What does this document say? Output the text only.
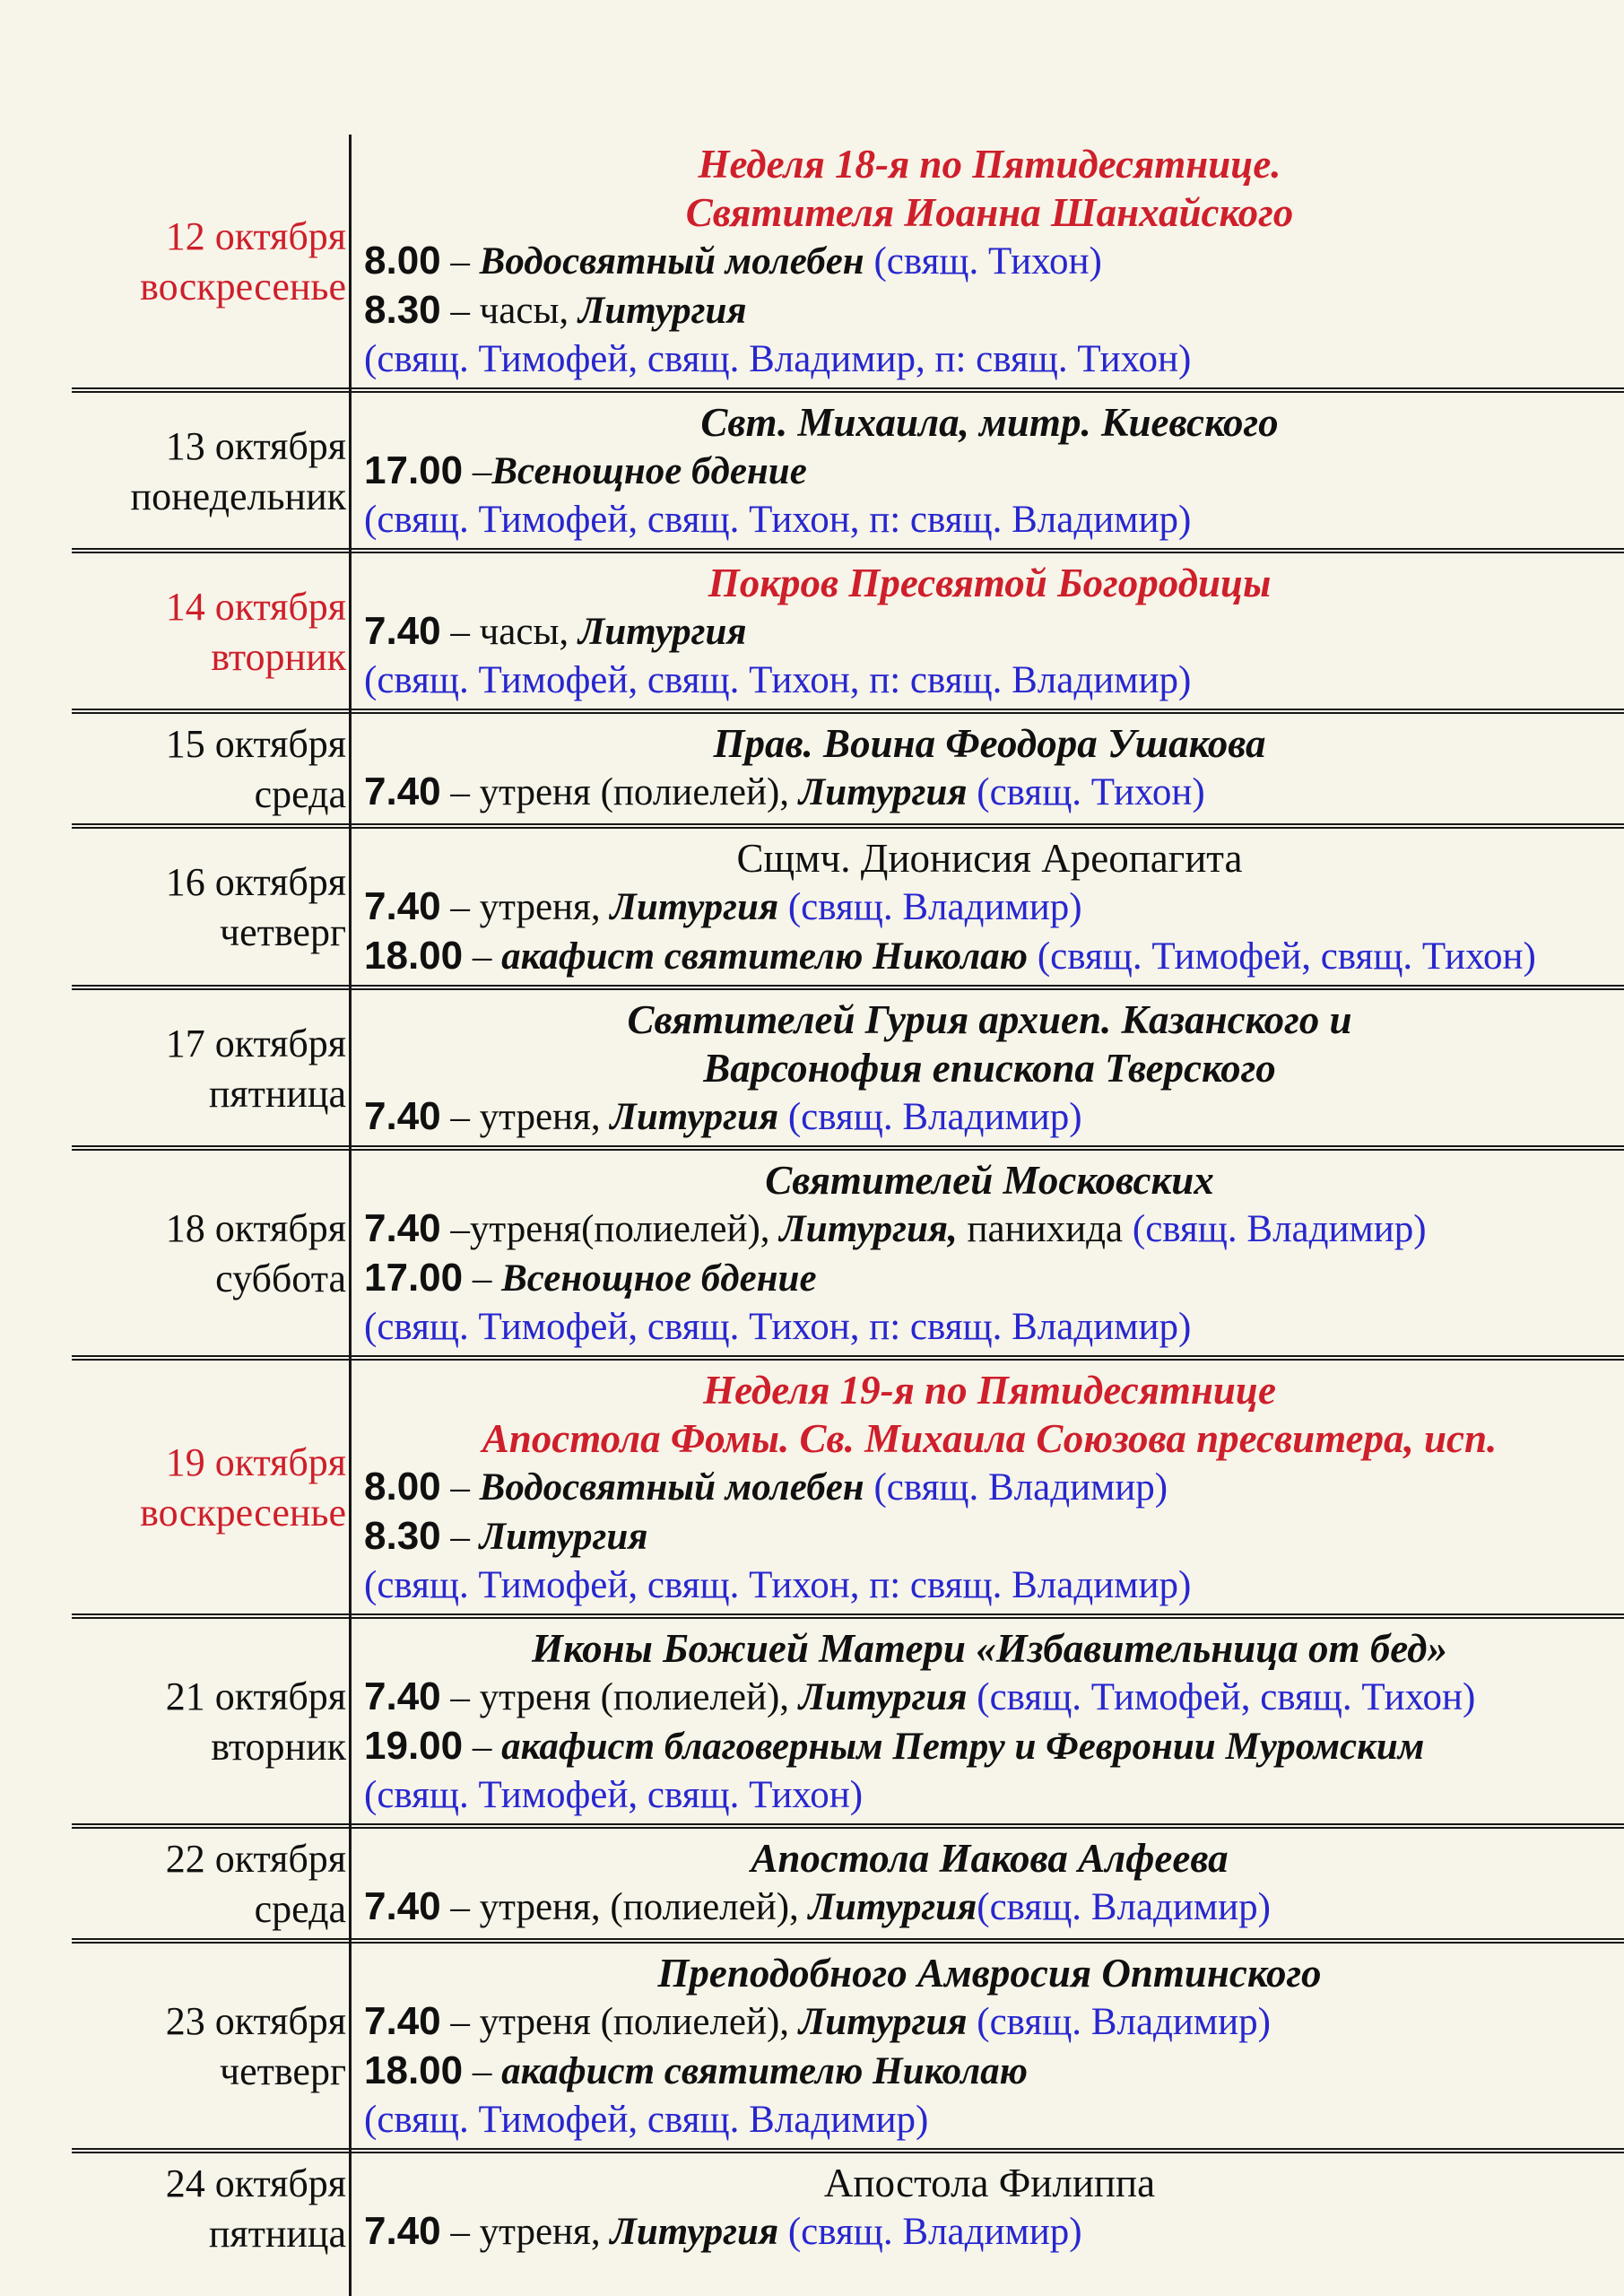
12 октября
воскресенье
Неделя 18-я по Пятидесятнице.
Святителя Иоанна Шанхайского
8.00 – Водосвятный молебен (свящ. Тихон)
8.30 – часы, Литургия
(свящ. Тимофей, свящ. Владимир, п: свящ. Тихон)
13 октября
понедельник
Свт. Михаила, митр. Киевского
17.00 –Всенощное бдение
(свящ. Тимофей, свящ. Тихон, п: свящ. Владимир)
14 октября
вторник
Покров Пресвятой Богородицы
7.40 – часы, Литургия
(свящ. Тимофей, свящ. Тихон, п: свящ. Владимир)
15 октября
среда
Прав. Воина Феодора Ушакова
7.40 – утреня (полиелей), Литургия (свящ. Тихон)
16 октября
четверг
Сщмч. Дионисия Ареопагита
7.40 – утреня, Литургия (свящ. Владимир)
18.00 – акафист святителю Николаю (свящ. Тимофей, свящ. Тихон)
17 октября
пятница
Святителей Гурия архиеп. Казанского и
Варсонофия епископа Тверского
7.40 – утреня, Литургия (свящ. Владимир)
18 октября
суббота
Святителей Московских
7.40 –утреня(полиелей), Литургия, панихида (свящ. Владимир)
17.00 – Всенощное бдение
(свящ. Тимофей, свящ. Тихон, п: свящ. Владимир)
19 октября
воскресенье
Неделя 19-я по Пятидесятнице
Апостола Фомы. Св. Михаила Союзова пресвитера, исп.
8.00 – Водосвятный молебен (свящ. Владимир)
8.30 – Литургия
(свящ. Тимофей, свящ. Тихон, п: свящ. Владимир)
21 октября
вторник
Иконы Божией Матери «Избавительница от бед»
7.40 – утреня (полиелей), Литургия (свящ. Тимофей, свящ. Тихон)
19.00 – акафист благоверным Петру и Февронии Муромским
(свящ. Тимофей, свящ. Тихон)
22 октября
среда
Апостола Иакова Алфеева
7.40 – утреня, (полиелей), Литургия(свящ. Владимир)
23 октября
четверг
Преподобного Амвросия Оптинского
7.40 – утреня (полиелей), Литургия (свящ. Владимир)
18.00 – акафист святителю Николаю
(свящ. Тимофей, свящ. Владимир)
24 октября
пятница
Апостола Филиппа
7.40 – утреня, Литургия (свящ. Владимир)
